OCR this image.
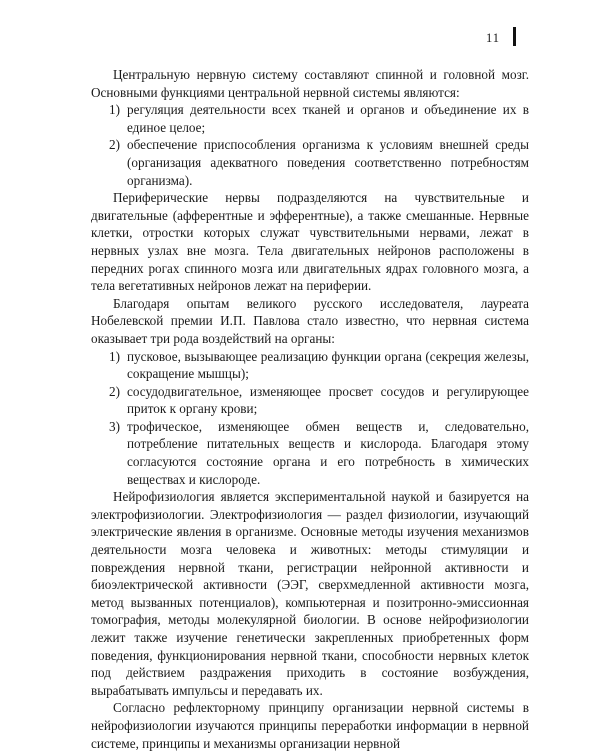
11

Центральную нервную систему составляют спинной и головной мозг. Основными функциями центральной нервной системы являются:

1) регуляция деятельности всех тканей и органов и объединение их в единое целое;
2) обеспечение приспособления организма к условиям внешней среды (организация адекватного поведения соответственно потребностям организма).

Периферические нервы подразделяются на чувствительные и двигательные (афферентные и эфферентные), а также смешанные. Нервные клетки, отростки которых служат чувствительными нервами, лежат в нервных узлах вне мозга. Тела двигательных нейронов расположены в передних рогах спинного мозга или двигательных ядрах головного мозга, а тела вегетативных нейронов лежат на периферии.

Благодаря опытам великого русского исследователя, лауреата Нобелевской премии И.П. Павлова стало известно, что нервная система оказывает три рода воздействий на органы:

1) пусковое, вызывающее реализацию функции органа (секреция железы, сокращение мышцы);
2) сосудодвигательное, изменяющее просвет сосудов и регулирующее приток к органу крови;
3) трофическое, изменяющее обмен веществ и, следовательно, потребление питательных веществ и кислорода. Благодаря этому согласуются состояние органа и его потребность в химических веществах и кислороде.

Нейрофизиология является экспериментальной наукой и базируется на электрофизиологии. Электрофизиология — раздел физиологии, изучающий электрические явления в организме. Основные методы изучения механизмов деятельности мозга человека и животных: методы стимуляции и повреждения нервной ткани, регистрации нейронной активности и биоэлектрической активности (ЭЭГ, сверхмедленной активности мозга, метод вызванных потенциалов), компьютерная и позитронно-эмиссионная томография, методы молекулярной биологии. В основе нейрофизиологии лежит также изучение генетически закрепленных приобретенных форм поведения, функционирования нервной ткани, способности нервных клеток под действием раздражения приходить в состояние возбуждения, вырабатывать импульсы и передавать их.

Согласно рефлекторному принципу организации нервной системы в нейрофизиологии изучаются принципы переработки информации в нервной системе, принципы и механизмы организации нервной
